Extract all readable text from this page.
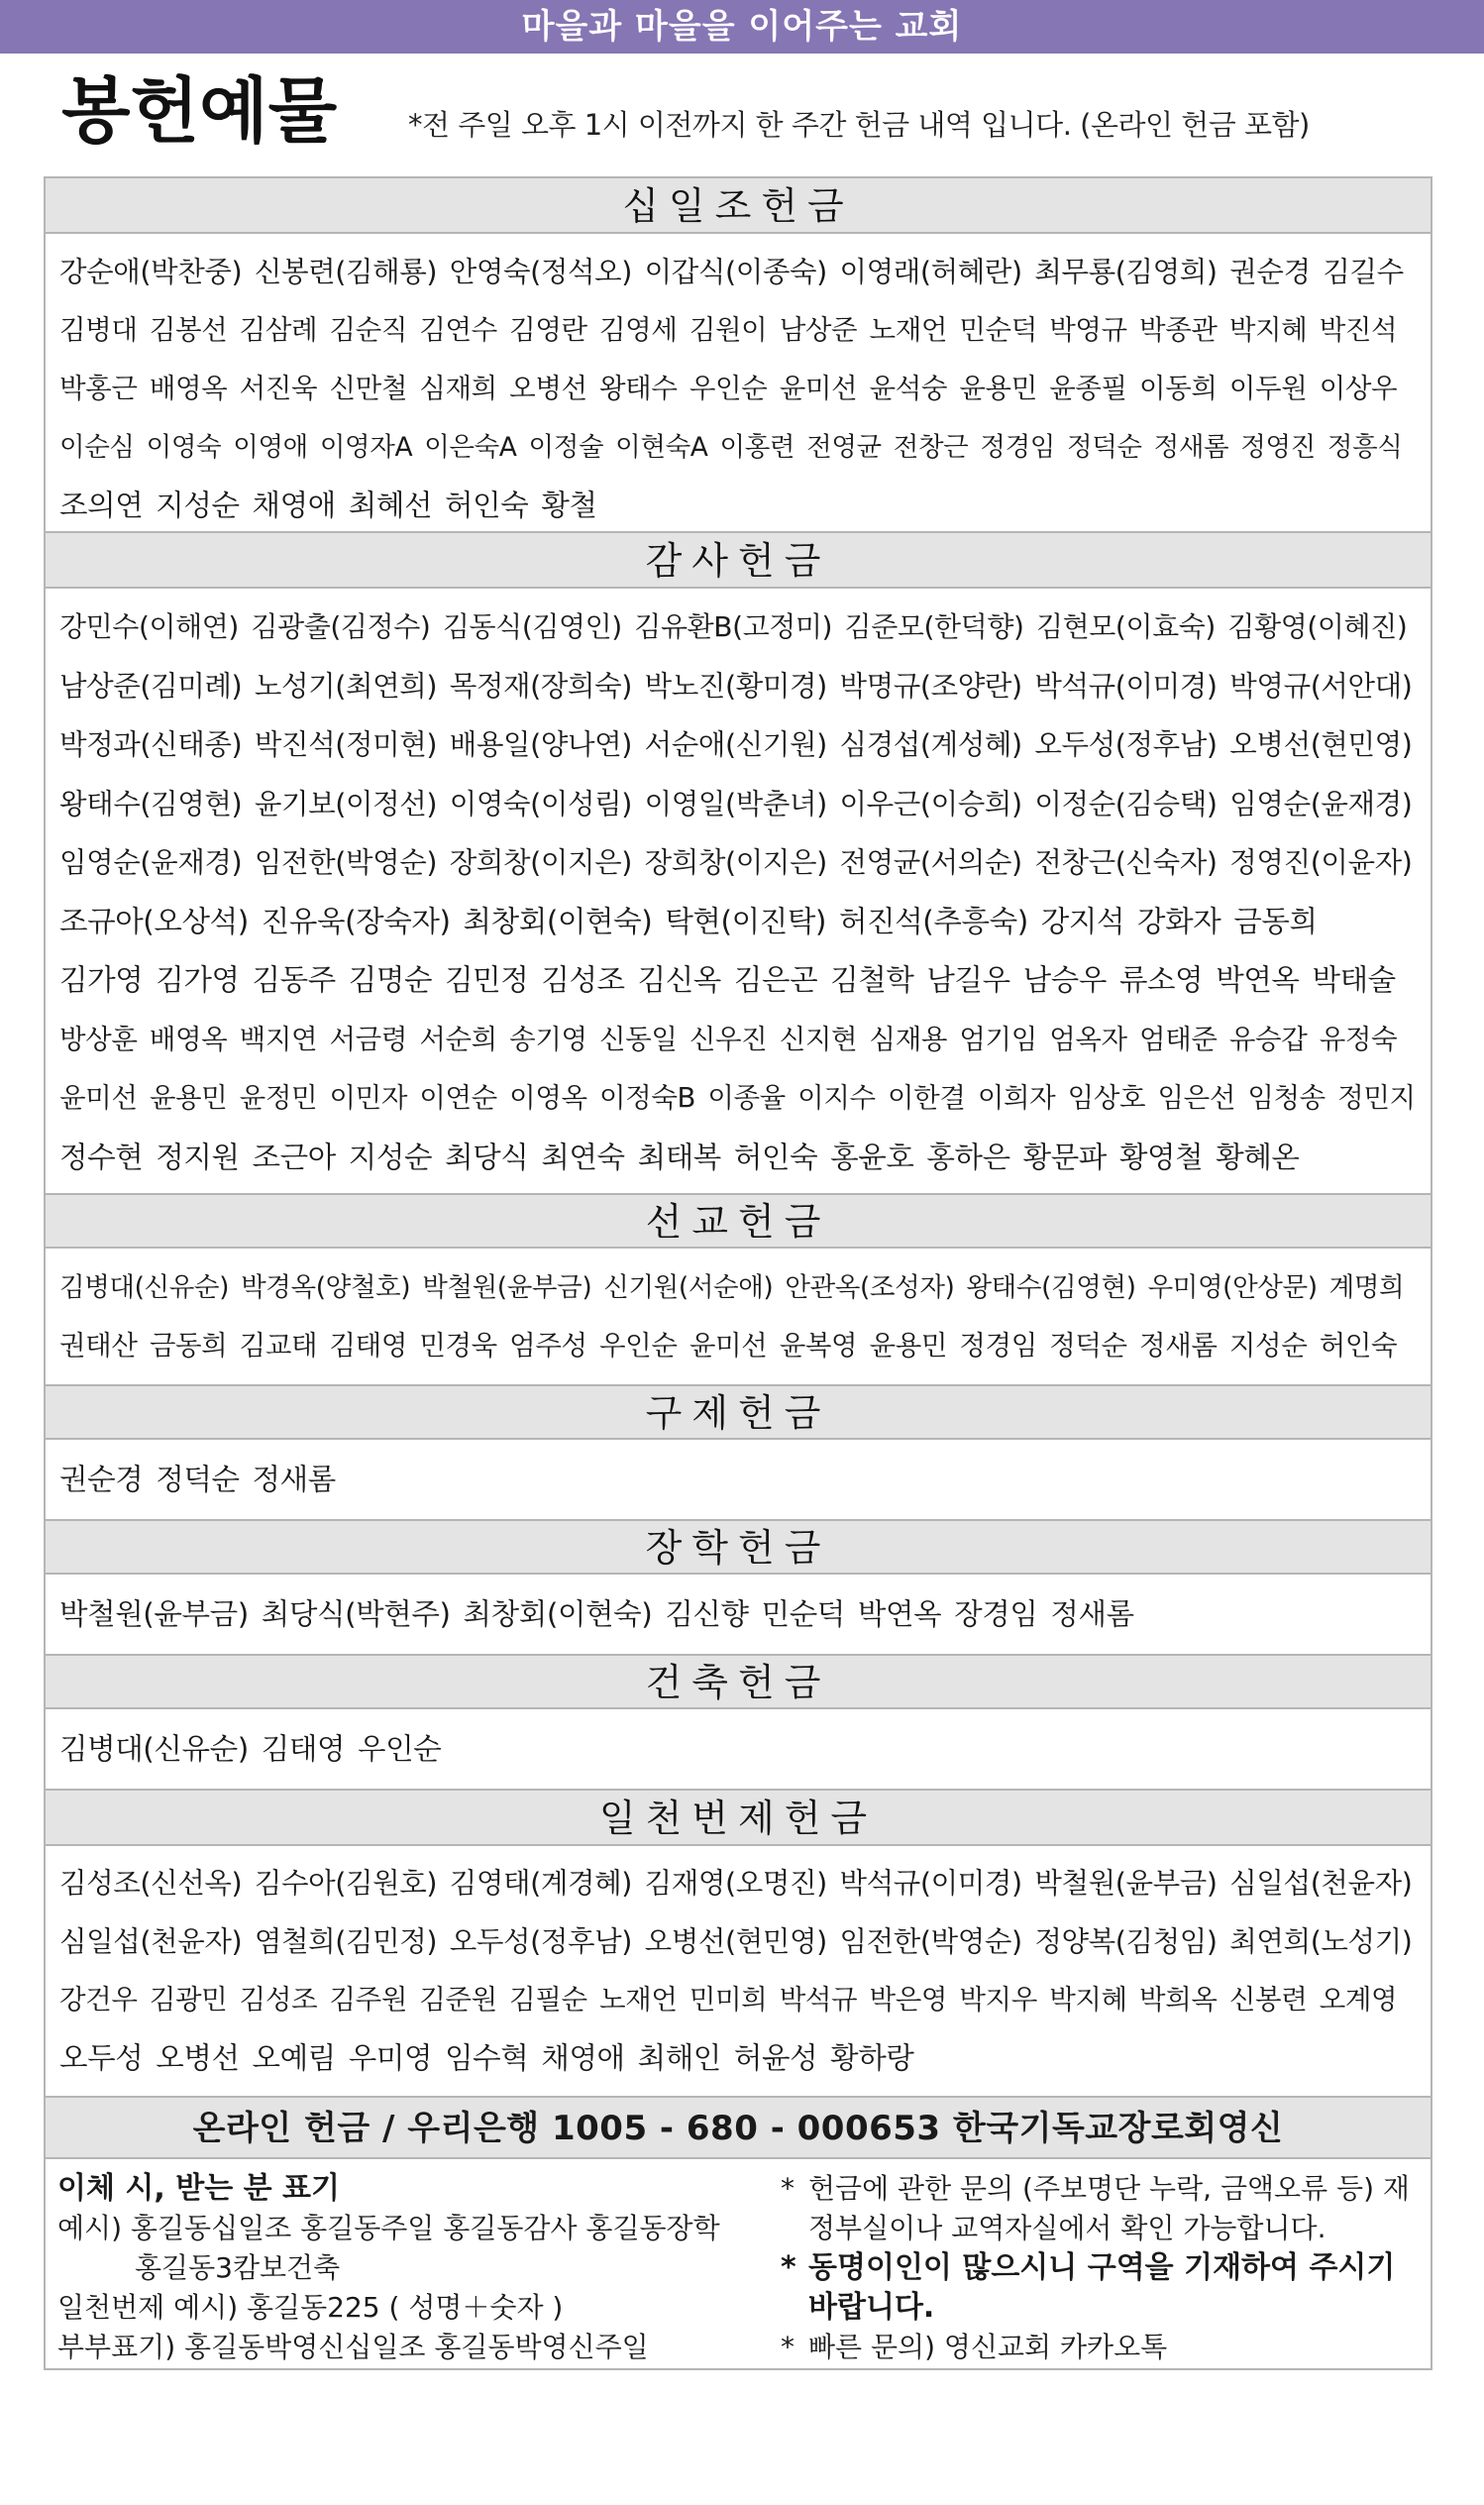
마을과 마을을 이어주는 교회
봉헌예물 *전 주일 오후 1시 이전까지 한 주간 헌금 내역 입니다. (온라인 헌금 포함)
십일조헌금
강순애(박찬중) 신봉련(김해룡) 안영숙(정석오) 이갑식(이종숙) 이영래(허혜란) 최무룡(김영희) 권순경 김길수
김병대 김봉선 김삼례 김순직 김연수 김영란 김영세 김원이 남상준 노재언 민순덕 박영규 박종관 박지혜 박진석
박홍근 배영옥 서진욱 신만철 심재희 오병선 왕태수 우인순 윤미선 윤석숭 윤용민 윤종필 이동희 이두원 이상우
이순심 이영숙 이영애 이영자A 이은숙A 이정술 이현숙A 이홍련 전영균 전창근 정경임 정덕순 정새롬 정영진 정흥식
조의연 지성순 채영애 최혜선 허인숙 황철
감사헌금
강민수(이해연) 김광출(김정수) 김동식(김영인) 김유환B(고정미) 김준모(한덕향) 김현모(이효숙) 김황영(이혜진)
남상준(김미례) 노성기(최연희) 목정재(장희숙) 박노진(황미경) 박명규(조양란) 박석규(이미경) 박영규(서안대)
박정과(신태종) 박진석(정미현) 배용일(양나연) 서순애(신기원) 심경섭(계성혜) 오두성(정후남) 오병선(현민영)
왕태수(김영현) 윤기보(이정선) 이영숙(이성림) 이영일(박춘녀) 이우근(이승희) 이정순(김승택) 임영순(윤재경)
임영순(윤재경) 임전한(박영순) 장희창(이지은) 장희창(이지은) 전영균(서의순) 전창근(신숙자) 정영진(이윤자)
조규아(오상석) 진유욱(장숙자) 최창회(이현숙) 탁현(이진탁) 허진석(추흥숙) 강지석 강화자 금동희
김가영 김가영 김동주 김명순 김민정 김성조 김신옥 김은곤 김철학 남길우 남승우 류소영 박연옥 박태술
방상훈 배영옥 백지연 서금령 서순희 송기영 신동일 신우진 신지현 심재용 엄기임 엄옥자 엄태준 유승갑 유정숙
윤미선 윤용민 윤정민 이민자 이연순 이영옥 이정숙B 이종율 이지수 이한결 이희자 임상호 임은선 임청송 정민지
정수현 정지원 조근아 지성순 최당식 최연숙 최태복 허인숙 홍윤호 홍하은 황문파 황영철 황혜온
선교헌금
김병대(신유순) 박경옥(양철호) 박철원(윤부금) 신기원(서순애) 안관옥(조성자) 왕태수(김영현) 우미영(안상문) 계명희
권태산 금동희 김교태 김태영 민경욱 엄주성 우인순 윤미선 윤복영 윤용민 정경임 정덕순 정새롬 지성순 허인숙
구제헌금
권순경 정덕순 정새롬
장학헌금
박철원(윤부금) 최당식(박현주) 최창회(이현숙) 김신향 민순덕 박연옥 장경임 정새롬
건축헌금
김병대(신유순) 김태영 우인순
일천번제헌금
김성조(신선옥) 김수아(김원호) 김영태(계경혜) 김재영(오명진) 박석규(이미경) 박철원(윤부금) 심일섭(천윤자)
심일섭(천윤자) 염철희(김민정) 오두성(정후남) 오병선(현민영) 임전한(박영순) 정양복(김청임) 최연희(노성기)
강건우 김광민 김성조 김주원 김준원 김필순 노재언 민미희 박석규 박은영 박지우 박지혜 박희옥 신봉련 오계영
오두성 오병선 오예림 우미영 임수혁 채영애 최해인 허윤성 황하랑
온라인 헌금 / 우리은행 1005 - 680 - 000653 한국기독교장로회영신
이체 시, 받는 분 표기
예시) 홍길동십일조 홍길동주일 홍길동감사 홍길동장학
홍길동3캄보건축
일천번제 예시) 홍길동225 ( 성명＋숫자 )
부부표기) 홍길동박영신십일조 홍길동박영신주일
* 헌금에 관한 문의 (주보명단 누락, 금액오류 등) 재정부실이나 교역자실에서 확인 가능합니다.
* 동명이인이 많으시니 구역을 기재하여 주시기 바랍니다.
* 빠른 문의) 영신교회 카카오톡
